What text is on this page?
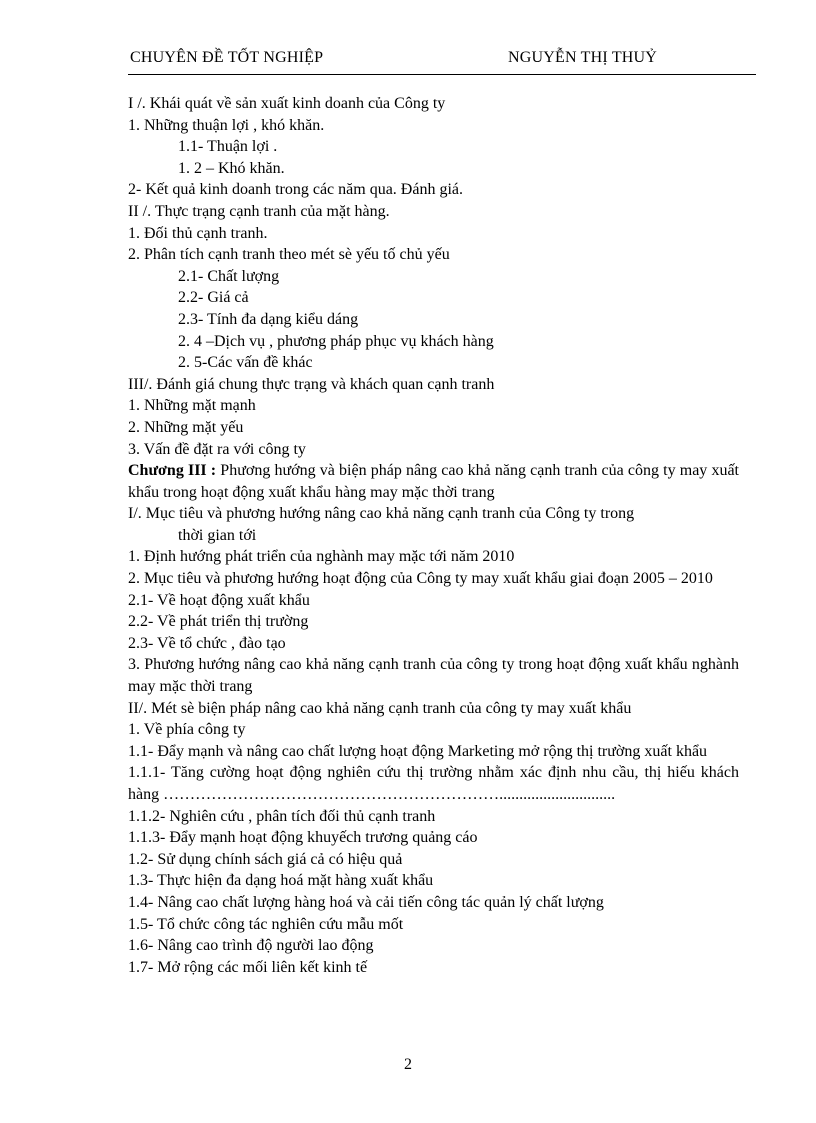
CHUYÊN ĐỀ TỐT NGHIỆP	NGUYỄN THỊ THUỶ
I /. Khái quát về sản xuất kinh doanh của Công ty
1. Những thuận lợi , khó khăn.
1.1- Thuận lợi .
1. 2 – Khó khăn.
2- Kết quả kinh doanh trong các năm qua. Đánh giá.
II /. Thực trạng cạnh tranh của mặt hàng.
1. Đối thủ cạnh tranh.
2. Phân tích cạnh tranh theo mét sè yếu tố chủ yếu
2.1- Chất lượng
2.2- Giá cả
2.3- Tính đa dạng kiểu dáng
2. 4 –Dịch vụ , phương pháp phục vụ khách hàng
2. 5-Các vấn đề khác
III/. Đánh giá chung thực trạng và khách quan cạnh tranh
1. Những mặt mạnh
2. Những mặt yếu
3. Vấn đề đặt ra với công ty
Chương III : Phương hướng và biện pháp nâng cao khả năng cạnh tranh của công ty may xuất khẩu trong hoạt động xuất khẩu hàng may mặc thời trang
I/. Mục tiêu và phương hướng nâng cao khả năng cạnh tranh của Công ty trong
thời gian tới
1. Định hướng phát triển của nghành may mặc tới năm 2010
2. Mục tiêu và phương hướng hoạt động của Công ty may xuất khẩu giai đoạn 2005 – 2010
2.1- Về hoạt động xuất khẩu
2.2- Về phát triển thị trường
2.3- Về tổ chức , đào tạo
3. Phương hướng nâng cao khả năng cạnh tranh của công ty trong hoạt động xuất khẩu nghành may mặc thời trang
II/. Mét sè biện pháp nâng cao khả năng cạnh tranh của công ty may xuất khẩu
1. Về phía công ty
1.1- Đẩy mạnh và nâng cao chất lượng hoạt động Marketing mở rộng thị trường xuất khẩu
1.1.1- Tăng cường hoạt động nghiên cứu thị trường nhằm xác định nhu cầu, thị hiếu khách hàng ……………………………………………………….............................
1.1.2- Nghiên cứu , phân tích đối thủ cạnh tranh
1.1.3- Đẩy mạnh hoạt động khuyếch trương quảng cáo
1.2- Sử dụng chính sách giá cả có hiệu quả
1.3- Thực hiện đa dạng hoá mặt hàng xuất khẩu
1.4- Nâng cao chất lượng hàng hoá và cải tiến công tác quản lý chất lượng
1.5- Tổ chức công tác nghiên cứu mẫu mốt
1.6- Nâng cao trình độ người lao động
1.7- Mở rộng các mối liên kết kinh tế
2
